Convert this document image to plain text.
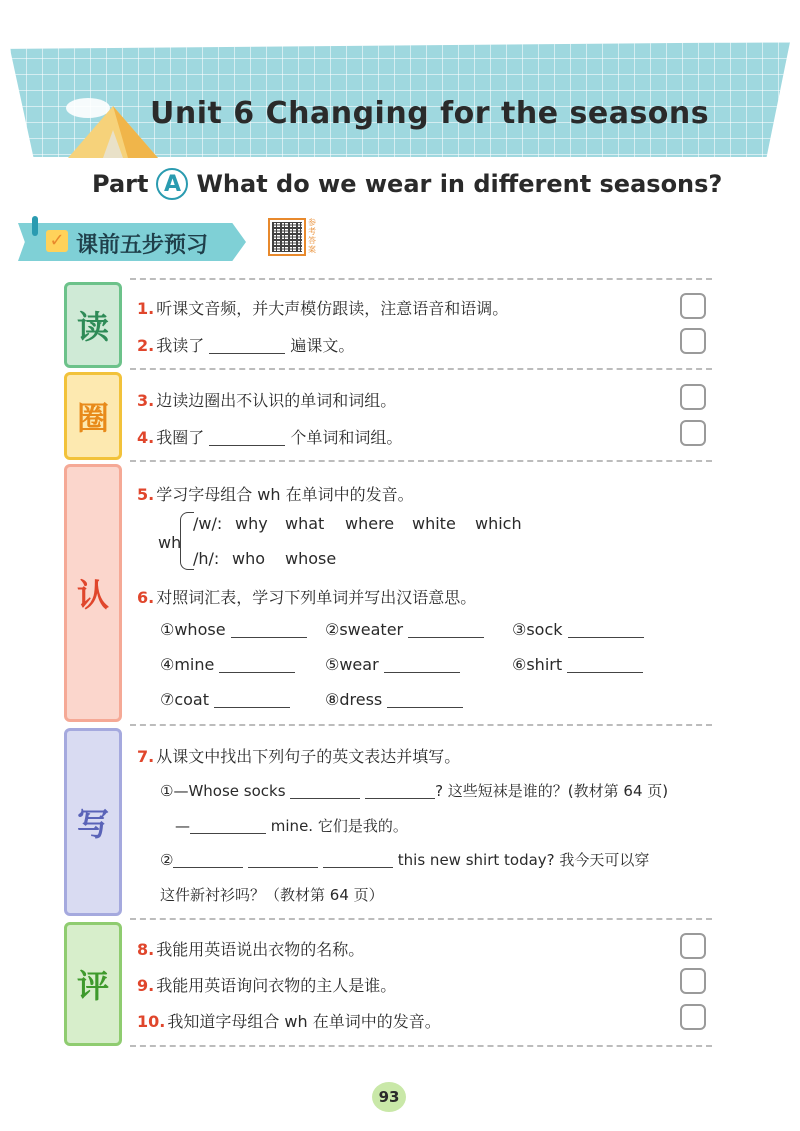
Unit 6 Changing for the seasons
Part A What do we wear in different seasons?
✓ 课前五步预习
参考答案
读	1. 听课文音频，并大声模仿跟读，注意语音和语调。
2. 我读了	遍课文。
圈	3. 边读边圈出不认识的单词和词组。
4. 我圈了	个单词和词组。
认
5. 学习字母组合 wh 在单词中的发音。
wh
/w/: why what where white which
/h/: who whose
6. 对照词汇表，学习下列单词并写出汉语意思。
①whose	②sweater	③sock
④mine	⑤wear	⑥shirt
⑦coat	⑧dress
写
7. 从课文中找出下列句子的英文表达并填写。
①—Whose socks	? 这些短袜是谁的？(教材第 64 页)
—	mine. 它们是我的。
②	this new shirt today? 我今天可以穿
这件新衬衫吗？（教材第 64 页）
评
8. 我能用英语说出衣物的名称。
9. 我能用英语询问衣物的主人是谁。
10. 我知道字母组合 wh 在单词中的发音。
93
